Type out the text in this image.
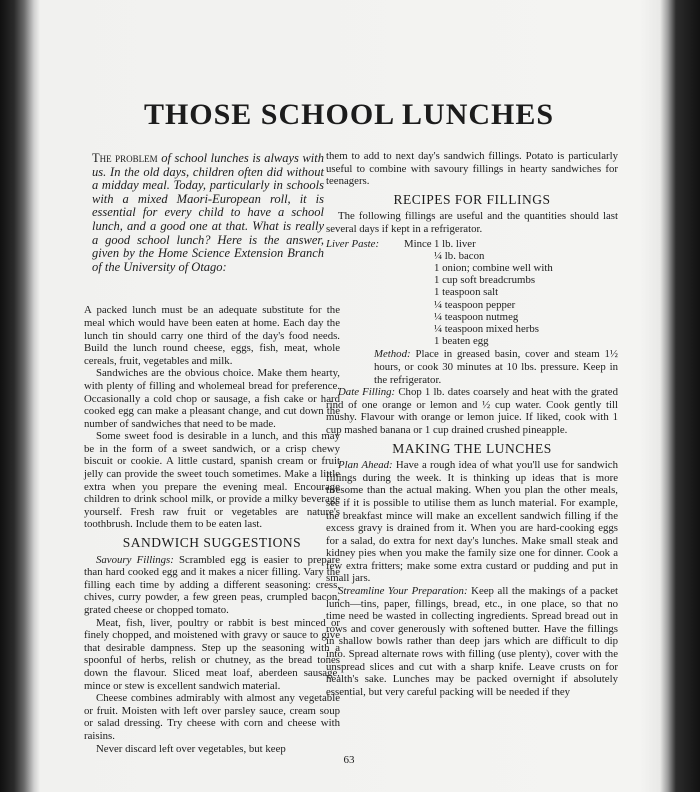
THOSE SCHOOL LUNCHES

The problem of school lunches is always with us. In the old days, children often did without a midday meal. Today, particularly in schools with a mixed Maori-European roll, it is essential for every child to have a school lunch, and a good one at that. What is really a good school lunch? Here is the answer, given by the Home Science Extension Branch of the University of Otago:

A packed lunch must be an adequate substitute for the meal which would have been eaten at home. Each day the lunch tin should carry one third of the day's food needs. Build the lunch round cheese, eggs, fish, meat, whole cereals, fruit, vegetables and milk.

Sandwiches are the obvious choice. Make them hearty, with plenty of filling and wholemeal bread for preference. Occasionally a cold chop or sausage, a fish cake or hard cooked egg can make a pleasant change, and cut down the number of sandwiches that need to be made.

Some sweet food is desirable in a lunch, and this may be in the form of a sweet sandwich, or a crisp chewy biscuit or cookie. A little custard, spanish cream or fruit jelly can provide the sweet touch sometimes. Make a little extra when you prepare the evening meal. Encourage children to drink school milk, or provide a milky beverage yourself. Fresh raw fruit or vegetables are nature's toothbrush. Include them to be eaten last.

SANDWICH SUGGESTIONS

Savoury Fillings: Scrambled egg is easier to prepare than hard cooked egg and it makes a nicer filling. Vary the filling each time by adding a different seasoning: cress, chives, curry powder, a few green peas, crumpled bacon, grated cheese or chopped tomato.

Meat, fish, liver, poultry or rabbit is best minced or finely chopped, and moistened with gravy or sauce to give that desirable dampness. Step up the seasoning with a spoonful of herbs, relish or chutney, as the bread tones down the flavour. Sliced meat loaf, aberdeen sausage, mince or stew is excellent sandwich material.

Cheese combines admirably with almost any vegetable or fruit. Moisten with left over parsley sauce, cream soup or salad dressing. Try cheese with corn and cheese with raisins.

Never discard left over vegetables, but keep

them to add to next day's sandwich fillings. Potato is particularly useful to combine with savoury fillings in hearty sandwiches for teenagers.

RECIPES FOR FILLINGS

The following fillings are useful and the quantities should last several days if kept in a refrigerator.

Liver Paste: Mince 1 lb. liver
¼ lb. bacon
1 onion; combine well with
1 cup soft breadcrumbs
1 teaspoon salt
¼ teaspoon pepper
¼ teaspoon nutmeg
¼ teaspoon mixed herbs
1 beaten egg

Method: Place in greased basin, cover and steam 1½ hours, or cook 30 minutes at 10 lbs. pressure. Keep in the refrigerator.

Date Filling: Chop 1 lb. dates coarsely and heat with the grated rind of one orange or lemon and ½ cup water. Cook gently till mushy. Flavour with orange or lemon juice. If liked, cook with 1 cup mashed banana or 1 cup drained crushed pineapple.

MAKING THE LUNCHES

Plan Ahead: Have a rough idea of what you'll use for sandwich fillings during the week. It is thinking up ideas that is more tiresome than the actual making. When you plan the other meals, see if it is possible to utilise them as lunch material. For example, the breakfast mince will make an excellent sandwich filling if the excess gravy is drained from it. When you are hard-cooking eggs for a salad, do extra for next day's lunches. Make small steak and kidney pies when you make the family size one for dinner. Cook a few extra fritters; make some extra custard or pudding and put in small jars.

Streamline Your Preparation: Keep all the makings of a packet lunch—tins, paper, fillings, bread, etc., in one place, so that no time need be wasted in collecting ingredients. Spread bread out in rows and cover generously with softened butter. Have the fillings in shallow bowls rather than deep jars which are difficult to dip into. Spread alternate rows with filling (use plenty), cover with the unspread slices and cut with a sharp knife. Leave crusts on for health's sake. Lunches may be packed overnight if absolutely essential, but very careful packing will be needed if they

63
